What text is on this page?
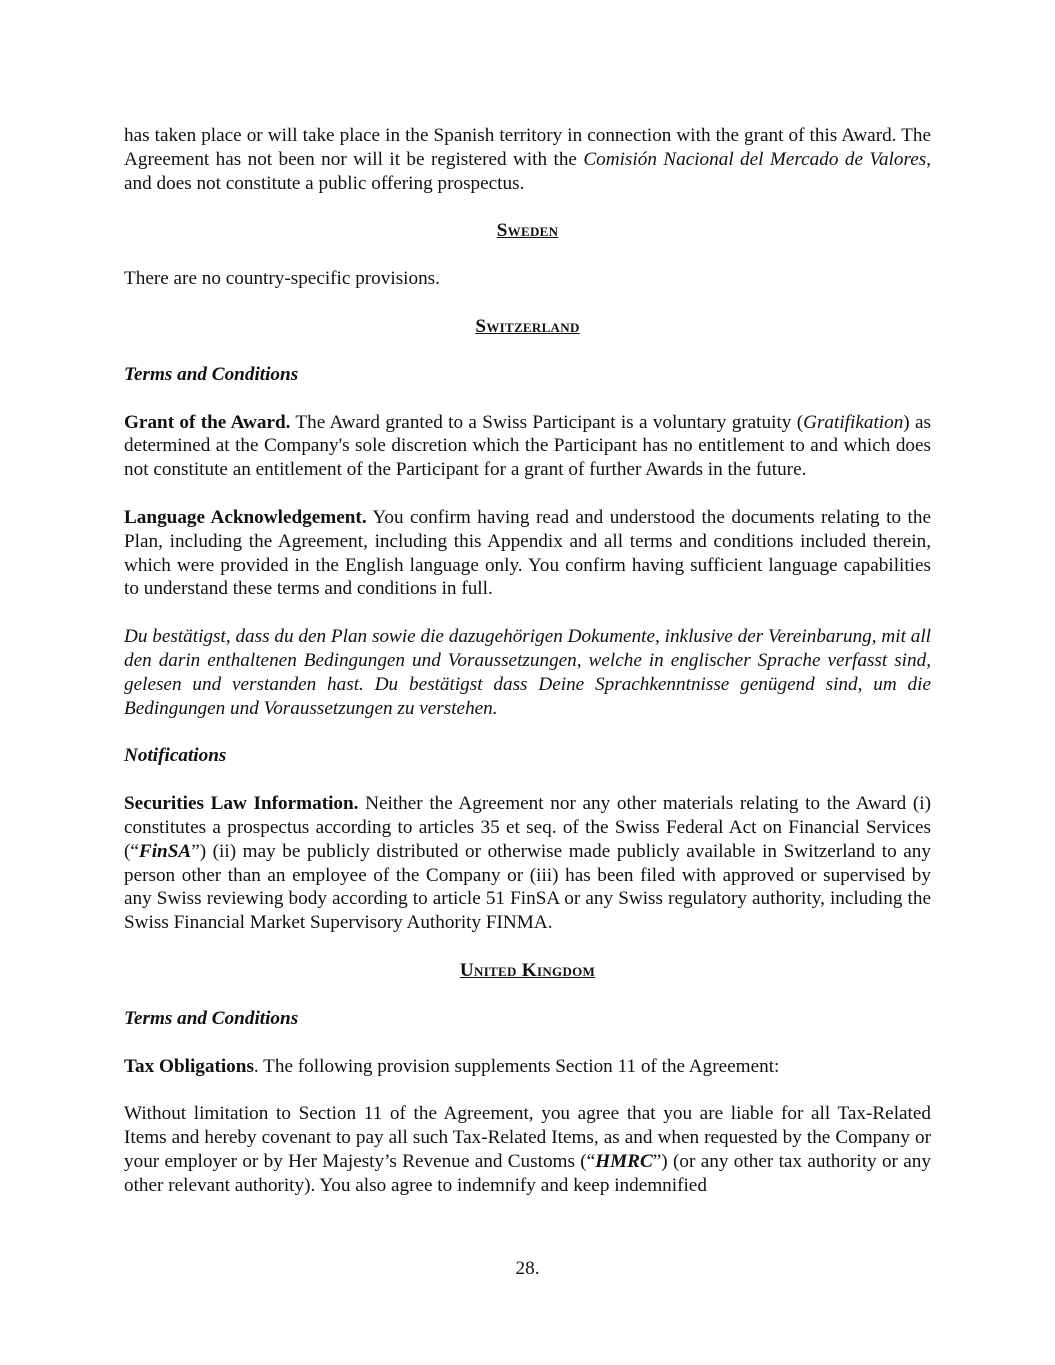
has taken place or will take place in the Spanish territory in connection with the grant of this Award. The Agreement has not been nor will it be registered with the Comisión Nacional del Mercado de Valores, and does not constitute a public offering prospectus.

Sweden

There are no country-specific provisions.

Switzerland
Terms and Conditions

Grant of the Award. The Award granted to a Swiss Participant is a voluntary gratuity (Gratifikation) as determined at the Company's sole discretion which the Participant has no entitlement to and which does not constitute an entitlement of the Participant for a grant of further Awards in the future.

Language Acknowledgement. You confirm having read and understood the documents relating to the Plan, including the Agreement, including this Appendix and all terms and conditions included therein, which were provided in the English language only. You confirm having sufficient language capabilities to understand these terms and conditions in full.

Du bestätigst, dass du den Plan sowie die dazugehörigen Dokumente, inklusive der Vereinbarung, mit all den darin enthaltenen Bedingungen und Voraussetzungen, welche in englischer Sprache verfasst sind, gelesen und verstanden hast. Du bestätigst dass Deine Sprachkenntnisse genügend sind, um die Bedingungen und Voraussetzungen zu verstehen.

Notifications

Securities Law Information. Neither the Agreement nor any other materials relating to the Award (i) constitutes a prospectus according to articles 35 et seq. of the Swiss Federal Act on Financial Services (“FinSA”) (ii) may be publicly distributed or otherwise made publicly available in Switzerland to any person other than an employee of the Company or (iii) has been filed with approved or supervised by any Swiss reviewing body according to article 51 FinSA or any Swiss regulatory authority, including the Swiss Financial Market Supervisory Authority FINMA.

United Kingdom
Terms and Conditions

Tax Obligations. The following provision supplements Section 11 of the Agreement:

Without limitation to Section 11 of the Agreement, you agree that you are liable for all Tax-Related Items and hereby covenant to pay all such Tax-Related Items, as and when requested by the Company or your employer or by Her Majesty’s Revenue and Customs (“HMRC”) (or any other tax authority or any other relevant authority). You also agree to indemnify and keep indemnified

28.
